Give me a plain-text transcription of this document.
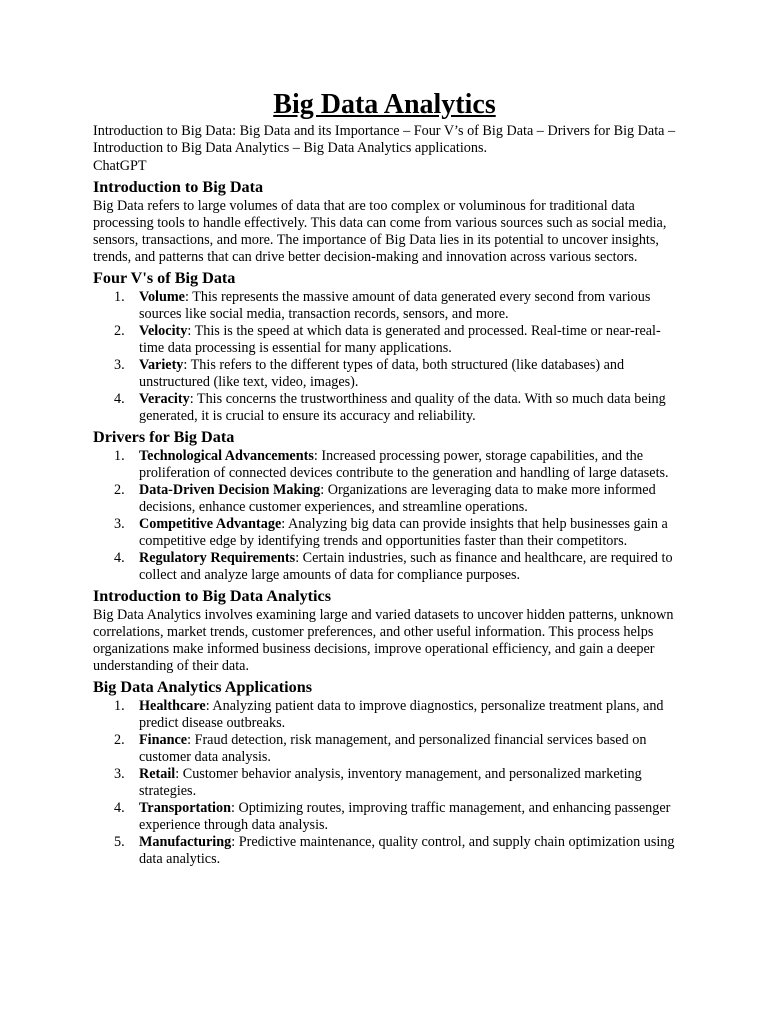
Big Data Analytics

Introduction to Big Data: Big Data and its Importance – Four V’s of Big Data – Drivers for Big Data – Introduction to Big Data Analytics – Big Data Analytics applications.

ChatGPT

Introduction to Big Data

Big Data refers to large volumes of data that are too complex or voluminous for traditional data processing tools to handle effectively. This data can come from various sources such as social media, sensors, transactions, and more. The importance of Big Data lies in its potential to uncover insights, trends, and patterns that can drive better decision-making and innovation across various sectors.

Four V's of Big Data
1. Volume: This represents the massive amount of data generated every second from various sources like social media, transaction records, sensors, and more.
2. Velocity: This is the speed at which data is generated and processed. Real-time or near-real-time data processing is essential for many applications.
3. Variety: This refers to the different types of data, both structured (like databases) and unstructured (like text, video, images).
4. Veracity: This concerns the trustworthiness and quality of the data. With so much data being generated, it is crucial to ensure its accuracy and reliability.
Drivers for Big Data
1. Technological Advancements: Increased processing power, storage capabilities, and the proliferation of connected devices contribute to the generation and handling of large datasets.
2. Data-Driven Decision Making: Organizations are leveraging data to make more informed decisions, enhance customer experiences, and streamline operations.
3. Competitive Advantage: Analyzing big data can provide insights that help businesses gain a competitive edge by identifying trends and opportunities faster than their competitors.
4. Regulatory Requirements: Certain industries, such as finance and healthcare, are required to collect and analyze large amounts of data for compliance purposes.
Introduction to Big Data Analytics

Big Data Analytics involves examining large and varied datasets to uncover hidden patterns, unknown correlations, market trends, customer preferences, and other useful information. This process helps organizations make informed business decisions, improve operational efficiency, and gain a deeper understanding of their data.

Big Data Analytics Applications
1. Healthcare: Analyzing patient data to improve diagnostics, personalize treatment plans, and predict disease outbreaks.
2. Finance: Fraud detection, risk management, and personalized financial services based on customer data analysis.
3. Retail: Customer behavior analysis, inventory management, and personalized marketing strategies.
4. Transportation: Optimizing routes, improving traffic management, and enhancing passenger experience through data analysis.
5. Manufacturing: Predictive maintenance, quality control, and supply chain optimization using data analytics.
